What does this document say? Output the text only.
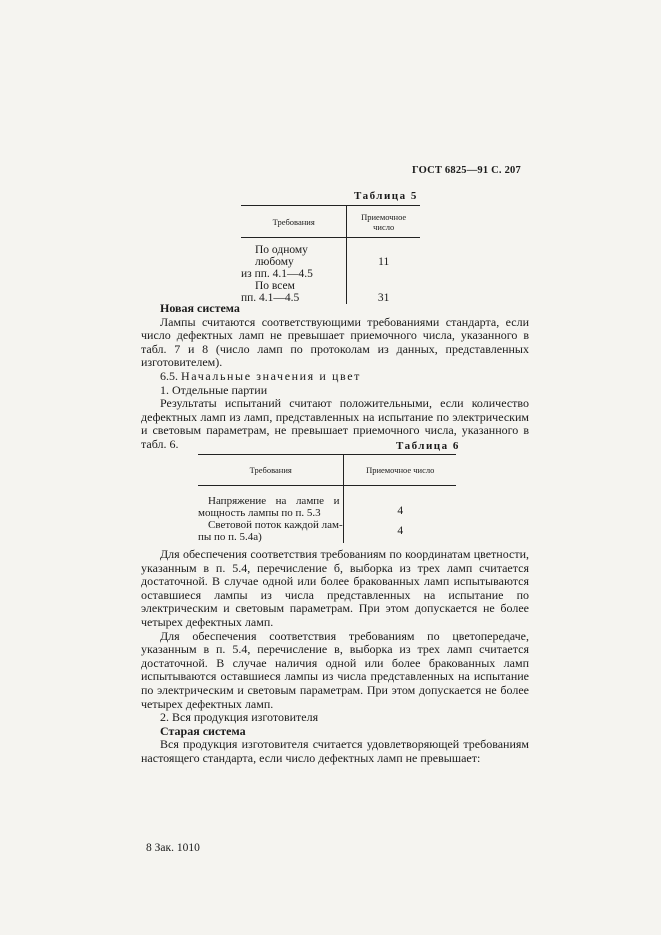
ГОСТ 6825—91 С. 207
Таблица 5
Требования	Приемочное
число

По одному любому
из пп. 4.1—4.5	11

По всем
пп. 4.1—4.5	31

Новая система

Лампы считаются соответствующими требованиями стандарта, если число дефектных ламп не превышает приемочного числа, указанного в табл. 7 и 8 (число ламп по протоколам из данных, представленных изготовителем).

6.5. Начальные значения и цвет

1. Отдельные партии

Результаты испытаний считают положительными, если количество дефектных ламп из ламп, представленных на испытание по электрическим и световым параметрам, не превышает приемочного числа, указанного в табл. 6.	Таблица 6
Требования	Приемочное число

Напряжение на лампе и
мощность лампы по п. 5.3	4

Световой поток каждой лам-
пы по п. 5.4а)	4

Для обеспечения соответствия требованиям по координатам цветности, указанным в п. 5.4, перечисление б, выборка из трех ламп считается достаточной. В случае одной или более бракованных ламп испытываются оставшиеся лампы из числа представленных на испытание по электрическим и световым параметрам. При этом допускается не более четырех дефектных ламп.

Для обеспечения соответствия требованиям по цветопередаче, указанным в п. 5.4, перечисление в, выборка из трех ламп считается достаточной. В случае наличия одной или более бракованных ламп испытываются оставшиеся лампы из числа представленных на испытание по электрическим и световым параметрам. При этом допускается не более четырех дефектных ламп.

2. Вся продукция изготовителя

Старая система

Вся продукция изготовителя считается удовлетворяющей требованиям настоящего стандарта, если число дефектных ламп не превышает:

8 Зак. 1010
